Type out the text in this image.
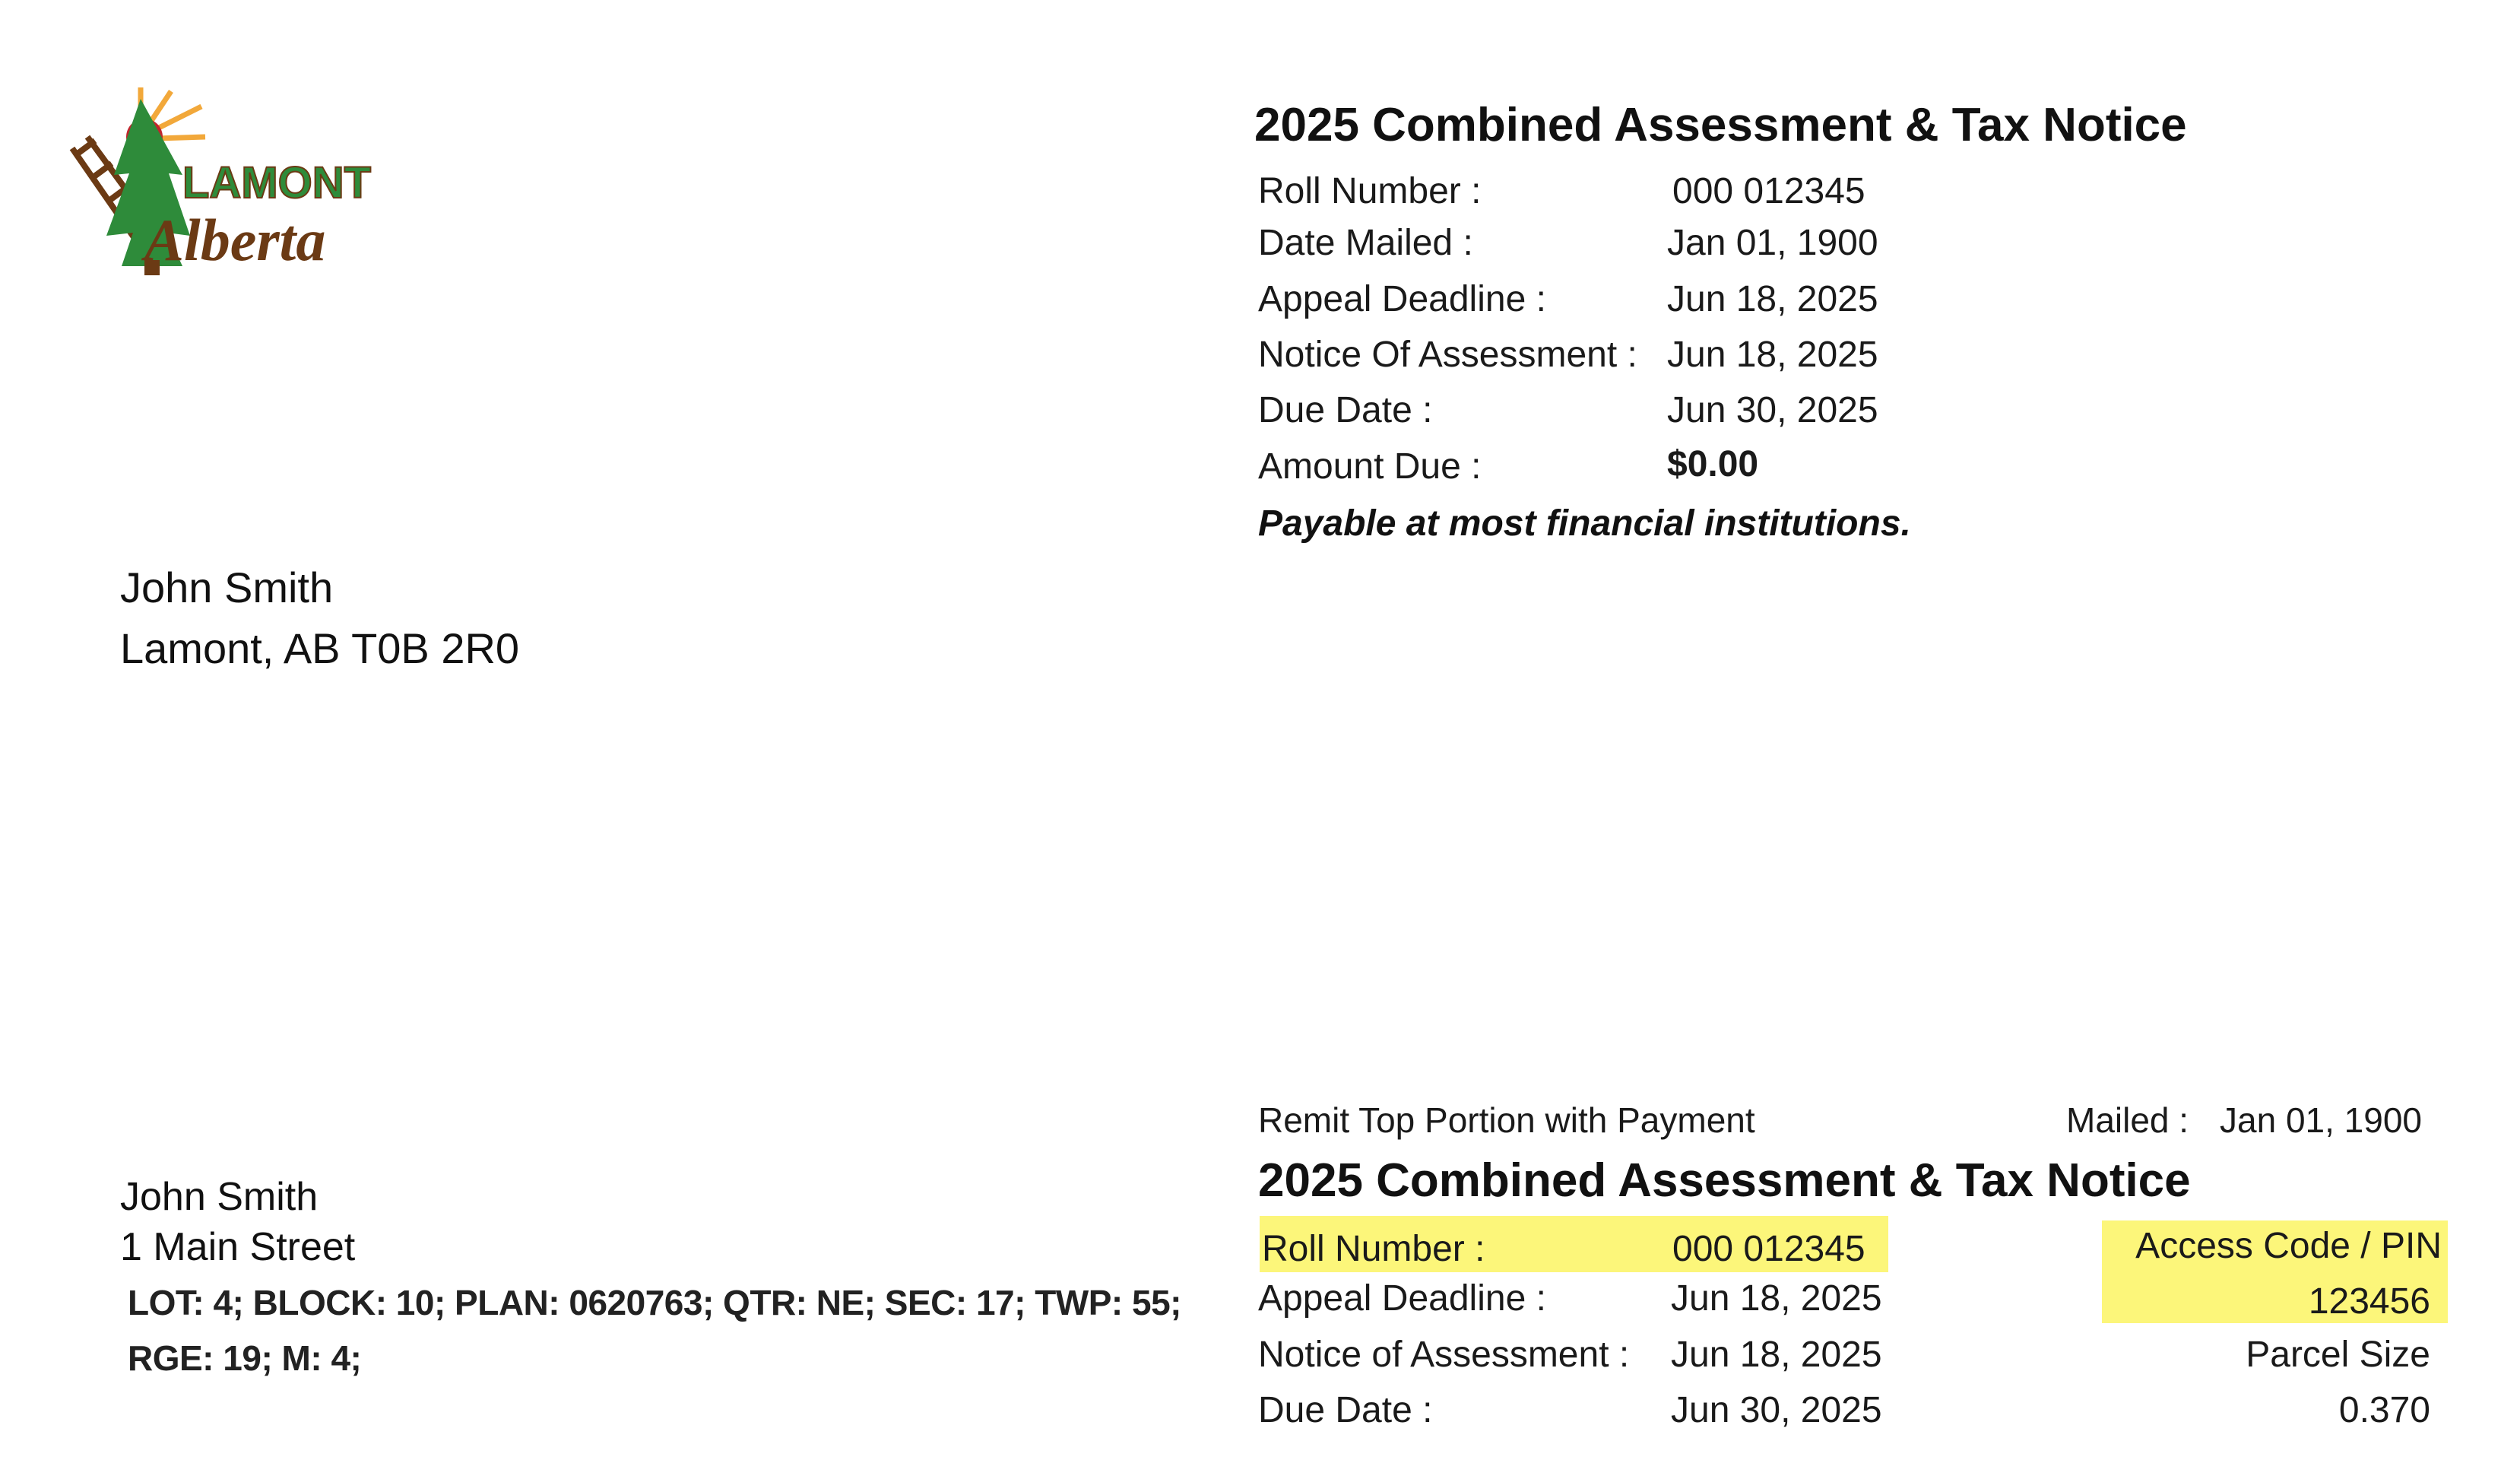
LAMONT
Alberta
2025 Combined Assessment & Tax Notice
Roll Number :	000 012345
Date Mailed :	Jan 01, 1900
Appeal Deadline :	Jun 18, 2025
Notice Of Assessment : Jun 18, 2025
Due Date :	Jun 30, 2025
Amount Due :	$0.00
Payable at most financial institutions.
John Smith
Lamont, AB T0B 2R0
Remit Top Portion with Payment	Mailed : Jan 01, 1900
2025 Combined Assessment & Tax Notice
Roll Number :	000 012345
Appeal Deadline :	Jun 18, 2025
Notice of Assessment : Jun 18, 2025
Due Date :	Jun 30, 2025
Access Code / PIN
123456
Parcel Size
0.370
John Smith
1 Main Street
LOT: 4; BLOCK: 10; PLAN: 0620763; QTR: NE; SEC: 17; TWP: 55;
RGE: 19; M: 4;
